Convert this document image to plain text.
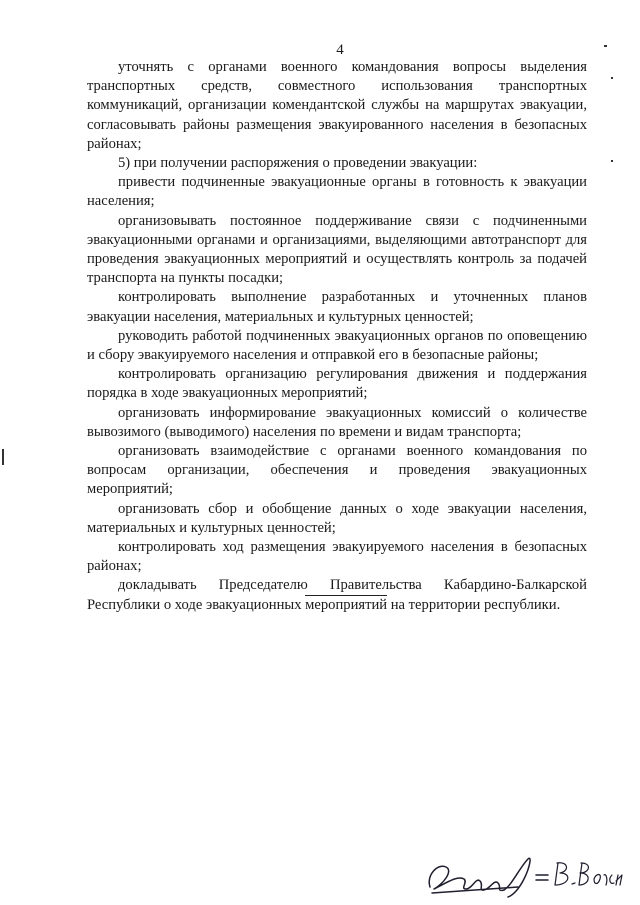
4

уточнять с органами военного командования вопросы выделения транспортных средств, совместного использования транспортных коммуникаций, организации комендантской службы на маршрутах эвакуации, согласовывать районы размещения эвакуированного населения в безопасных районах;

5) при получении распоряжения о проведении эвакуации:

привести подчиненные эвакуационные органы в готовность к эвакуации населения;

организовывать постоянное поддерживание связи с подчиненными эвакуационными органами и организациями, выделяющими автотранспорт для проведения эвакуационных мероприятий и осуществлять контроль за подачей транспорта на пункты посадки;

контролировать выполнение разработанных и уточненных планов эвакуации населения, материальных и культурных ценностей;

руководить работой подчиненных эвакуационных органов по оповещению и сбору эвакуируемого населения и отправкой его в безопасные районы;

контролировать организацию регулирования движения и поддержания порядка в ходе эвакуационных мероприятий;

организовать информирование эвакуационных комиссий о количестве вывозимого (выводимого) населения по времени и видам транспорта;

организовать взаимодействие с органами военного командования по вопросам организации, обеспечения и проведения эвакуационных мероприятий;

организовать сбор и обобщение данных о ходе эвакуации населения, материальных и культурных ценностей;

контролировать ход размещения эвакуируемого населения в безопасных районах;

докладывать Председателю Правительства Кабардино-Балкарской Республики о ходе эвакуационных мероприятий на территории республики.
